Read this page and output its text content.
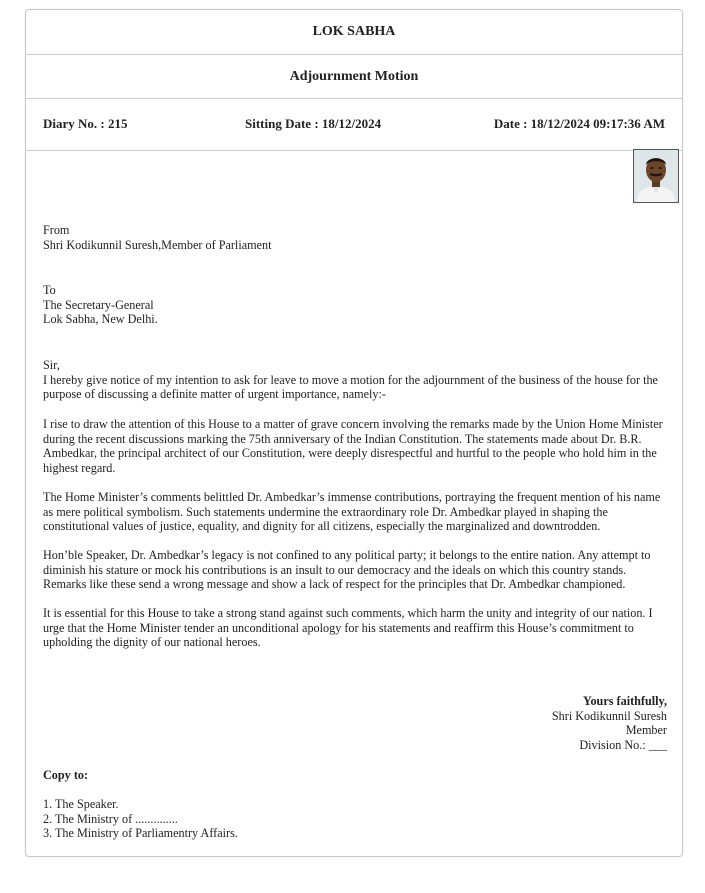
LOK SABHA
Adjournment Motion
Diary No. : 215	Sitting Date : 18/12/2024	Date : 18/12/2024 09:17:36 AM
From
Shri Kodikunnil Suresh,Member of Parliament
To
The Secretary-General
Lok Sabha, New Delhi.

Sir,

I hereby give notice of my intention to ask for leave to move a motion for the adjournment of the business of the house for the purpose of discussing a definite matter of urgent importance, namely:-

I rise to draw the attention of this House to a matter of grave concern involving the remarks made by the Union Home Minister during the recent discussions marking the 75th anniversary of the Indian Constitution. The statements made about Dr. B.R. Ambedkar, the principal architect of our Constitution, were deeply disrespectful and hurtful to the people who hold him in the highest regard.

The Home Minister’s comments belittled Dr. Ambedkar’s immense contributions, portraying the frequent mention of his name as mere political symbolism. Such statements undermine the extraordinary role Dr. Ambedkar played in shaping the constitutional values of justice, equality, and dignity for all citizens, especially the marginalized and downtrodden.

Hon’ble Speaker, Dr. Ambedkar’s legacy is not confined to any political party; it belongs to the entire nation. Any attempt to diminish his stature or mock his contributions is an insult to our democracy and the ideals on which this country stands. Remarks like these send a wrong message and show a lack of respect for the principles that Dr. Ambedkar championed.

It is essential for this House to take a strong stand against such comments, which harm the unity and integrity of our nation. I urge that the Home Minister tender an unconditional apology for his statements and reaffirm this House’s commitment to upholding the dignity of our national heroes.

Yours faithfully,
Shri Kodikunnil Suresh
Member
Division No.: ___
Copy to:
1. The Speaker.
2. The Ministry of ..............
3. The Ministry of Parliamentry Affairs.
